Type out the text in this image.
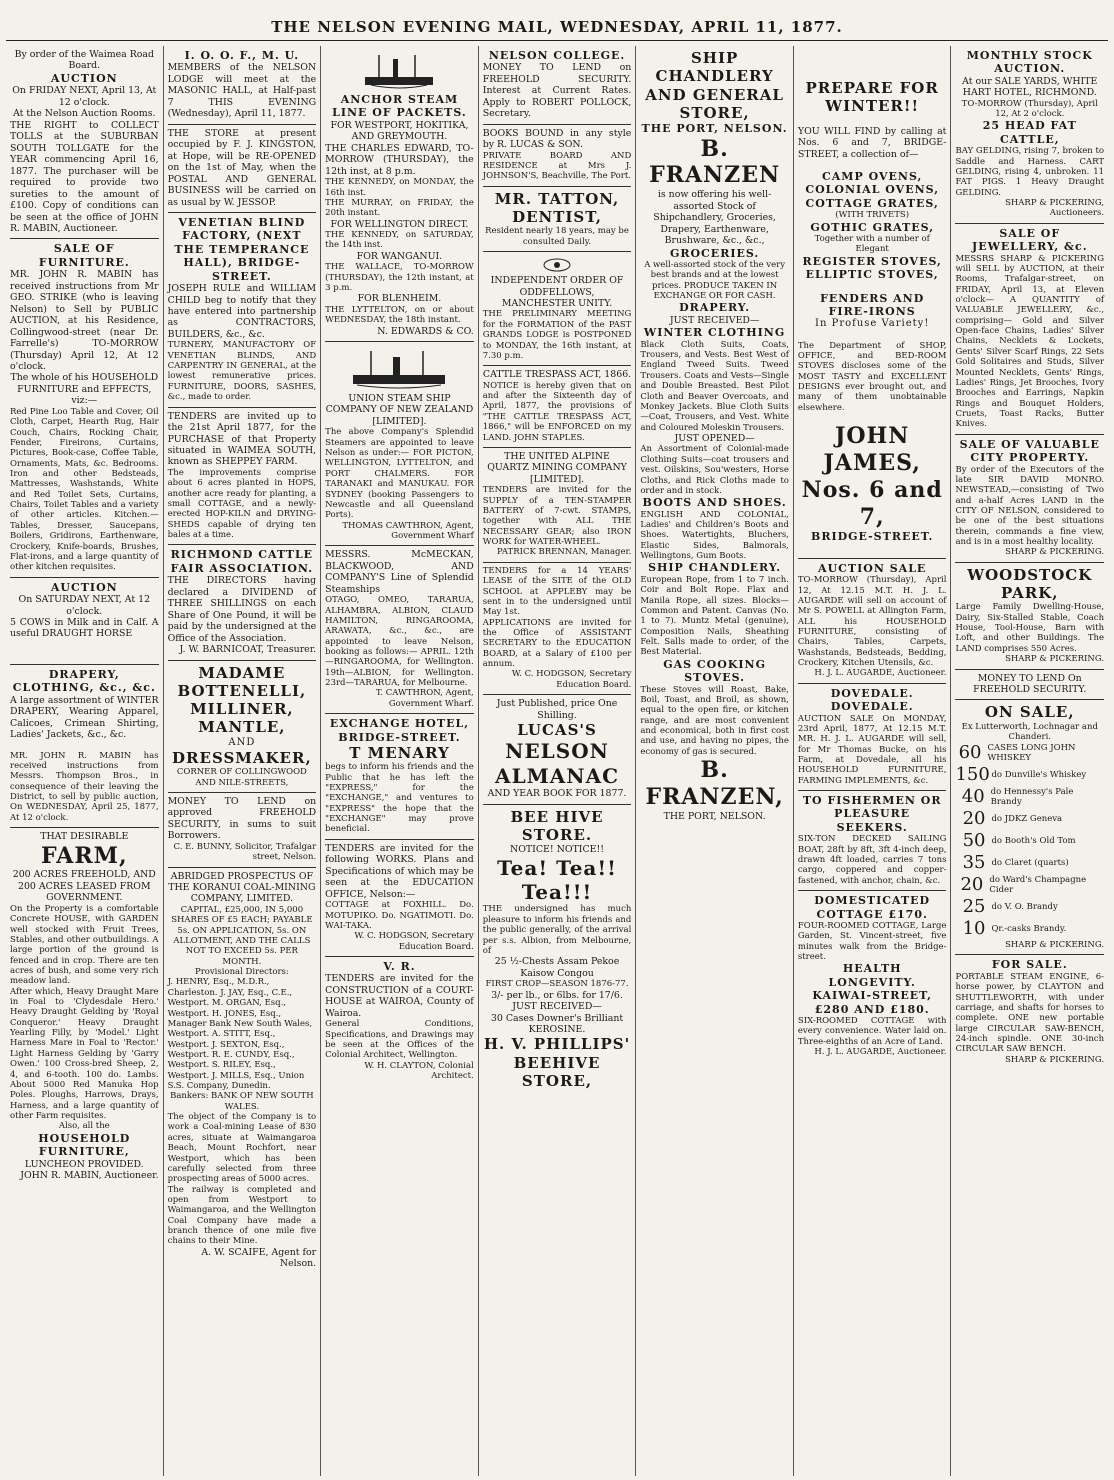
THE NELSON EVENING MAIL, WEDNESDAY, APRIL 11, 1877.
By order of the Waimea Road Board.
AUCTION
On FRIDAY NEXT, April 13, At 12 o'clock.
At the Nelson Auction Rooms.
THE RIGHT to COLLECT TOLLS at the SUBURBAN SOUTH TOLLGATE for the YEAR commencing April 16, 1877. The purchaser will be required to provide two sureties to the amount of £100. Copy of conditions can be seen at the office of JOHN R. MABIN, Auctioneer.
SALE OF FURNITURE.
MR. JOHN R. MABIN has received instructions from Mr GEO. STRIKE (who is leaving Nelson) to Sell by PUBLIC AUCTION, at his Residence, Collingwood-street (near Dr. Farrelle's) TO-MORROW (Thursday) April 12, At 12 o'clock.
The whole of his HOUSEHOLD FURNITURE and EFFECTS, viz:—
Red Pine Loo Table and Cover, Oil Cloth, Carpet, Hearth Rug, Hair Couch, Chairs, Rocking Chair, Fender, Fireirons, Curtains, Pictures, Book-case, Coffee Table, Ornaments, Mats, &c. Bedrooms. Iron and other Bedsteads, Mattresses, Washstands, White and Red Toilet Sets, Curtains, Chairs, Toilet Tables and a variety of other articles. Kitchen.—Tables, Dresser, Saucepans, Boilers, Gridirons, Earthenware, Crockery, Knife-boards, Brushes, Flat-irons, and a large quantity of other kitchen requisites.
AUCTION
On SATURDAY NEXT, At 12 o'clock.
5 COWS in Milk and in Calf. A useful DRAUGHT HORSE
DRAPERY, CLOTHING, &c., &c.
A large assortment of WINTER DRAPERY, Wearing Apparel, Calicoes, Crimean Shirting, Ladies' Jackets, &c., &c.
MR. JOHN R. MABIN has received instructions from Messrs. Thompson Bros., in consequence of their leaving the District, to sell by public auction, On WEDNESDAY, April 25, 1877, At 12 o'clock.
THAT DESIRABLE
FARM,
200 ACRES FREEHOLD, AND 200 ACRES LEASED FROM GOVERNMENT.
On the Property is a comfortable Concrete HOUSE, with GARDEN well stocked with Fruit Trees, Stables, and other outbuildings. A large portion of the ground is fenced and in crop. There are ten acres of bush, and some very rich meadow land.
After which, Heavy Draught Mare in Foal to 'Clydesdale Hero.' Heavy Draught Gelding by 'Royal Conqueror.' Heavy Draught Yearling Filly, by 'Model.' Light Harness Mare in Foal to 'Rector.' Light Harness Gelding by 'Garry Owen.' 100 Cross-bred Sheep, 2, 4, and 6-tooth. 100 do. Lambs. About 5000 Red Manuka Hop Poles. Ploughs, Harrows, Drays, Harness, and a large quantity of other Farm requisites.
Also, all the
HOUSEHOLD FURNITURE,
LUNCHEON PROVIDED.
JOHN R. MABIN, Auctioneer.
I. O. O. F., M. U.
MEMBERS of the NELSON LODGE will meet at the MASONIC HALL, at Half-past 7 THIS EVENING (Wednesday), April 11, 1877.
THE STORE at present occupied by F. J. KINGSTON, at Hope, will be RE-OPENED on the 1st of May, when the POSTAL AND GENERAL BUSINESS will be carried on as usual by W. JESSOP.
VENETIAN BLIND FACTORY, (NEXT THE TEMPERANCE HALL), BRIDGE-STREET.
JOSEPH RULE and WILLIAM CHILD beg to notify that they have entered into partnership as CONTRACTORS, BUILDERS, &c., &c.
TURNERY, MANUFACTORY OF VENETIAN BLINDS, AND CARPENTRY IN GENERAL, at the lowest remunerative prices. FURNITURE, DOORS, SASHES, &c., made to order.
TENDERS are invited up to the 21st April 1877, for the PURCHASE of that Property situated in WAIMEA SOUTH, known as SHEPPEY FARM.
The improvements comprise about 6 acres planted in HOPS, another acre ready for planting, a small COTTAGE, and a newly-erected HOP-KILN and DRYING-SHEDS capable of drying ten bales at a time.
RICHMOND CATTLE FAIR ASSOCIATION.
THE DIRECTORS having declared a DIVIDEND of THREE SHILLINGS on each Share of One Pound, it will be paid by the undersigned at the Office of the Association.
J. W. BARNICOAT, Treasurer.
MADAME BOTTENELLI,
MILLINER, MANTLE,
AND
DRESSMAKER,
CORNER OF COLLINGWOOD AND NILE-STREETS,
MONEY TO LEND on approved FREEHOLD SECURITY, in sums to suit Borrowers.
C. E. BUNNY, Solicitor, Trafalgar street, Nelson.
ABRIDGED PROSPECTUS OF THE KORANUI COAL-MINING COMPANY, LIMITED.
CAPITAL, £25,000, IN 5,000 SHARES OF £5 EACH; PAYABLE 5s. ON APPLICATION, 5s. ON ALLOTMENT, AND THE CALLS NOT TO EXCEED 5s. PER MONTH.
Provisional Directors:
J. HENRY, Esq., M.D.R., Charleston. J. JAY, Esq., C.E., Westport. M. ORGAN, Esq., Westport. H. JONES, Esq., Manager Bank New South Wales, Westport. A. STITT, Esq., Westport. J. SEXTON, Esq., Westport. R. E. CUNDY, Esq., Westport. S. RILEY, Esq., Westport. J. MILLS, Esq., Union S.S. Company, Dunedin.
Bankers: BANK OF NEW SOUTH WALES.
The object of the Company is to work a Coal-mining Lease of 830 acres, situate at Waimangaroa Beach, Mount Rochfort, near Westport, which has been carefully selected from three prospecting areas of 5000 acres.
The railway is completed and open from Westport to Waimangaroa, and the Wellington Coal Company have made a branch thence of one mile five chains to their Mine.
A. W. SCAIFE, Agent for Nelson.
ANCHOR STEAM LINE OF PACKETS.
FOR WESTPORT, HOKITIKA, AND GREYMOUTH.
THE CHARLES EDWARD, TO-MORROW (THURSDAY), the 12th inst, at 8 p.m.
THE KENNEDY, on MONDAY, the 16th inst.
THE MURRAY, on FRIDAY, the 20th instant.
FOR WELLINGTON DIRECT.
THE KENNEDY, on SATURDAY, the 14th inst.
FOR WANGANUI.
THE WALLACE, TO-MORROW (THURSDAY), the 12th instant, at 3 p.m.
FOR BLENHEIM.
THE LYTTELTON, on or about WEDNESDAY, the 18th instant.
N. EDWARDS & CO.
UNION STEAM SHIP COMPANY OF NEW ZEALAND [LIMITED].
The above Company's Splendid Steamers are appointed to leave Nelson as under:— FOR PICTON, WELLINGTON, LYTTELTON, and PORT CHALMERS. FOR TARANAKI and MANUKAU. FOR SYDNEY (booking Passengers to Newcastle and all Queensland Ports).
THOMAS CAWTHRON, Agent, Government Wharf
MESSRS. McMECKAN, BLACKWOOD, AND COMPANY'S Line of Splendid Steamships
OTAGO, OMEO, TARARUA, ALHAMBRA, ALBION, CLAUD HAMILTON, RINGAROOMA, ARAWATA, &c., &c., are appointed to leave Nelson, booking as follows:— APRIL. 12th—RINGAROOMA, for Wellington. 19th—ALBION, for Wellington. 23rd—TARARUA, for Melbourne.
T. CAWTHRON, Agent, Government Wharf.
EXCHANGE HOTEL, BRIDGE-STREET.
T MENARY
begs to inform his friends and the Public that he has left the "EXPRESS," for the "EXCHANGE," and ventures to "EXPRESS" the hope that the "EXCHANGE" may prove beneficial.
TENDERS are invited for the following WORKS. Plans and Specifications of which may be seen at the EDUCATION OFFICE, Nelson:—
COTTAGE at FOXHILL. Do. MOTUPIKO. Do. NGATIMOTI. Do. WAI-TAKA.
W. C. HODGSON, Secretary Education Board.
V. R.
TENDERS are invited for the CONSTRUCTION of a COURT-HOUSE at WAIROA, County of Wairoa.
General Conditions, Specifications, and Drawings may be seen at the Offices of the Colonial Architect, Wellington.
W. H. CLAYTON, Colonial Architect.
NELSON COLLEGE.
MONEY TO LEND on FREEHOLD SECURITY. Interest at Current Rates. Apply to ROBERT POLLOCK, Secretary.
BOOKS BOUND in any style by R. LUCAS & SON.
PRIVATE BOARD AND RESIDENCE at Mrs J. JOHNSON'S, Beachville, The Port.
MR. TATTON, DENTIST,
Resident nearly 18 years, may be consulted Daily.
INDEPENDENT ORDER OF ODDFELLOWS, MANCHESTER UNITY.
THE PRELIMINARY MEETING for the FORMATION of the PAST GRANDS LODGE is POSTPONED to MONDAY, the 16th instant, at 7.30 p.m.
CATTLE TRESPASS ACT, 1866.
NOTICE is hereby given that on and after the Sixteenth day of April, 1877, the provisions of "THE CATTLE TRESPASS ACT, 1866," will be ENFORCED on my LAND. JOHN STAPLES.
THE UNITED ALPINE QUARTZ MINING COMPANY [LIMITED].
TENDERS are invited for the SUPPLY of a TEN-STAMPER BATTERY of 7-cwt. STAMPS, together with ALL THE NECESSARY GEAR; also IRON WORK for WATER-WHEEL.
PATRICK BRENNAN, Manager.
TENDERS for a 14 YEARS' LEASE of the SITE of the OLD SCHOOL at APPLEBY may be sent in to the undersigned until May 1st.
APPLICATIONS are invited for the Office of ASSISTANT SECRETARY to the EDUCATION BOARD, at a Salary of £100 per annum.
W. C. HODGSON, Secretary Education Board.
Just Published, price One Shilling.
LUCAS'S
NELSON ALMANAC
AND YEAR BOOK FOR 1877.
BEE HIVE STORE.
NOTICE! NOTICE!!
Tea! Tea!! Tea!!!
THE undersigned has much pleasure to inform his friends and the public generally, of the arrival per s.s. Albion, from Melbourne, of
25 ½-Chests Assam Pekoe Kaisow Congou
FIRST CROP—SEASON 1876-77.
3/- per lb., or 6lbs. for 17/6.
JUST RECEIVED—
30 Cases Downer's Brilliant KEROSINE.
H. V. PHILLIPS' BEEHIVE STORE,
SHIP CHANDLERY AND GENERAL STORE,
THE PORT, NELSON.
B. FRANZEN
is now offering his well-assorted Stock of Shipchandlery, Groceries, Drapery, Earthenware, Brushware, &c., &c.,
GROCERIES.
A well-assorted stock of the very best brands and at the lowest prices. PRODUCE TAKEN IN EXCHANGE OR FOR CASH.
DRAPERY.
JUST RECEIVED—
WINTER CLOTHING
Black Cloth Suits, Coats, Trousers, and Vests. Best West of England Tweed Suits. Tweed Trousers. Coats and Vests—Single and Double Breasted. Best Pilot Cloth and Beaver Overcoats, and Monkey Jackets. Blue Cloth Suits—Coat, Trousers, and Vest. White and Coloured Moleskin Trousers.
JUST OPENED—
An Assortment of Colonial-made Clothing Suits—coat trousers and vest. Oilskins, Sou'westers, Horse Cloths, and Rick Cloths made to order and in stock.
BOOTS AND SHOES.
ENGLISH AND COLONIAL, Ladies' and Children's Boots and Shoes. Watertights, Bluchers, Elastic Sides, Balmorals, Wellingtons, Gum Boots.
SHIP CHANDLERY.
European Rope, from 1 to 7 inch. Coir and Bolt Rope. Flax and Manila Rope, all sizes. Blocks—Common and Patent. Canvas (No. 1 to 7). Muntz Metal (genuine), Composition Nails, Sheathing Felt. Salls made to order, of the Best Material.
GAS COOKING STOVES.
These Stoves will Roast, Bake, Boil, Toast, and Broil, as shown, equal to the open fire, or kitchen range, and are most convenient and economical, both in first cost and use, and having no pipes, the economy of gas is secured.
B. FRANZEN,
THE PORT, NELSON.
PREPARE FOR WINTER!!
YOU WILL FIND by calling at Nos. 6 and 7, BRIDGE-STREET, a collection of—
CAMP OVENS,
COLONIAL OVENS,
COTTAGE GRATES,
(WITH TRIVETS)
GOTHIC GRATES,
Together with a number of Elegant
REGISTER STOVES,
ELLIPTIC STOVES,
FENDERS AND FIRE-IRONS
In Profuse Variety!
The Department of SHOP, OFFICE, and BED-ROOM STOVES discloses some of the MOST TASTY and EXCELLENT DESIGNS ever brought out, and many of them unobtainable elsewhere.
JOHN JAMES,
Nos. 6 and 7,
BRIDGE-STREET.
AUCTION SALE
TO-MORROW (Thursday), April 12, At 12.15 M.T. H. J. L. AUGARDE will sell on account of Mr S. POWELL at Allington Farm, ALL his HOUSEHOLD FURNITURE, consisting of Chairs, Tables, Carpets, Washstands, Bedsteads, Bedding, Crockery, Kitchen Utensils, &c.
H. J. L. AUGARDE, Auctioneer.
DOVEDALE. DOVEDALE.
AUCTION SALE On MONDAY, 23rd April, 1877, At 12.15 M.T. MR. H. J. L. AUGARDE will sell, for Mr Thomas Bucke, on his Farm, at Dovedale, all his HOUSEHOLD FURNITURE, FARMING IMPLEMENTS, &c.
TO FISHERMEN OR PLEASURE SEEKERS.
SIX-TON DECKED SAILING BOAT, 28ft by 8ft, 3ft 4-inch deep, drawn 4ft loaded, carries 7 tons cargo, coppered and copper-fastened, with anchor, chain, &c.
DOMESTICATED COTTAGE £170.
FOUR-ROOMED COTTAGE, Large Garden, St. Vincent-street, five minutes walk from the Bridge-street.
HEALTH LONGEVITY. KAIWAI-STREET, £280 AND £180.
SIX-ROOMED COTTAGE with every convenience. Water laid on. Three-eighths of an Acre of Land.
H. J. L. AUGARDE, Auctioneer.
MONTHLY STOCK AUCTION.
At our SALE YARDS, WHITE HART HOTEL, RICHMOND.
TO-MORROW (Thursday), April 12, At 2 o'clock.
25 HEAD FAT CATTLE,
BAY GELDING, rising 7, broken to Saddle and Harness. CART GELDING, rising 4, unbroken. 11 FAT PIGS. 1 Heavy Draught GELDING.
SHARP & PICKERING, Auctioneers.
SALE OF JEWELLERY, &c.
MESSRS SHARP & PICKERING will SELL by AUCTION, at their Rooms, Trafalgar-street, on FRIDAY, April 13, at Eleven o'clock— A QUANTITY of VALUABLE JEWELLERY, &c., comprising— Gold and Silver Open-face Chains, Ladies' Silver Chains, Necklets & Lockets, Gents' Silver Scarf Rings, 22 Sets Gold Solitaires and Studs, Silver Mounted Necklets, Gents' Rings, Ladies' Rings, Jet Brooches, Ivory Brooches and Earrings, Napkin Rings and Bouquet Holders, Cruets, Toast Racks, Butter Knives.
SALE OF VALUABLE CITY PROPERTY.
By order of the Executors of the late SIR DAVID MONRO. NEWSTEAD,—consisting of Two and a-half Acres LAND in the CITY OF NELSON, considered to be one of the best situations therein, commands a fine view, and is in a most healthy locality.
SHARP & PICKERING.
WOODSTOCK PARK,
Large Family Dwelling-House, Dairy, Six-Stalled Stable, Coach House, Tool-House, Barn with Loft, and other Buildings. The LAND comprises 550 Acres.
SHARP & PICKERING.
MONEY TO LEND On FREEHOLD SECURITY.
ON SALE,
Ex Lutterworth, Lochnagar and Chanderi.
60 CASES LONG JOHN WHISKEY
150 do Dunville's Whiskey
40 do Hennessy's Pale Brandy
20 do JDKZ Geneva
50 do Booth's Old Tom
35 do Claret (quarts)
20 do Ward's Champagne Cider
25 do V. O. Brandy
10 Qr.-casks Brandy.
SHARP & PICKERING.
FOR SALE.
PORTABLE STEAM ENGINE, 6-horse power, by CLAYTON and SHUTTLEWORTH, with under carriage, and shafts for horses to complete. ONE new portable large CIRCULAR SAW-BENCH, 24-inch spindle. ONE 30-inch CIRCULAR SAW BENCH.
SHARP & PICKERING.
